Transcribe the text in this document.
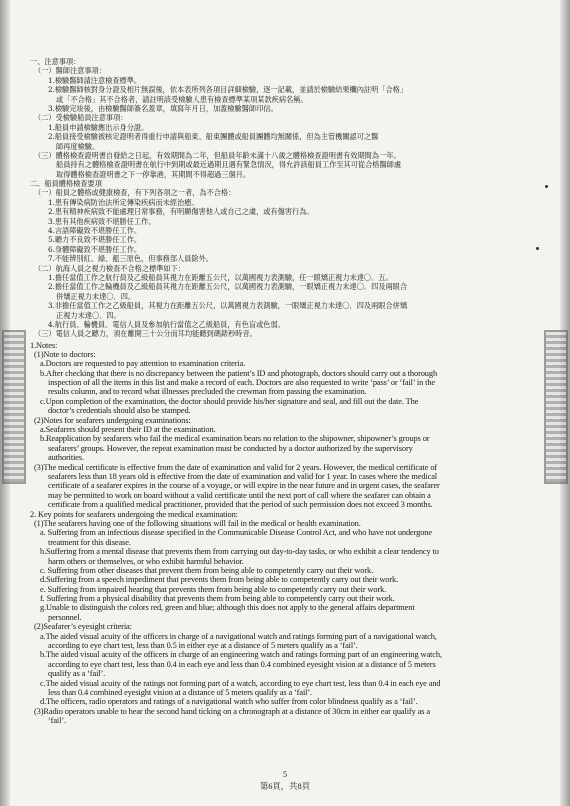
一、注意事項：
（一）醫師注意事項：
1.檢驗醫師請注意檢查標準。
2.檢驗醫師核對身分證及相片無誤後，依本表所列各項目詳細檢驗，逐一記載，並請於檢驗結果欄內註明「合格」
或「不合格」其不合格者，請註明該受檢驗人患有檢查標準某項某款疾病名稱。
3.檢驗完竣後，由檢驗醫師簽名蓋章，填寫年月日，加蓋檢驗醫師印信。
（二）受檢驗船員注意事項：
1.船員申請檢驗應出示身分證。
2.船員接受檢驗被核定證明者得重行申請與船東、船東團體或船員團體均無關係，但為主管機關認可之醫
師再度檢驗。
（三）體格檢查證明書自發給之日起，有效期間為二年，但船員年齡未滿十八歲之體格檢查證明書有效期間為一年。
船員持有之體格檢查證明書在航行中到期或最近過期且遇有緊急情況，得允許該船員工作至其可從合格醫師處
取得體格檢查證明書之下一停靠港，其期間不得超過三個月。
二、船員體格檢查要項
（一）船員之體格或健康檢查，有下列各項之一者，為不合格：
1.患有傳染病防治法所定傳染疾病而未經治癒。
2.患有精神疾病致不能處理日常事務，有明顯傷害他人或自己之虞，或有傷害行為。
3.患有其他疾病致不堪勝任工作。
4.言語障礙致不堪勝任工作。
5.聽力不良致不堪勝任工作。
6.身體障礙致不堪勝任工作。
7.不能辨別紅、綠、藍三原色，但事務部人員除外。
（二）航海人員之視力檢查不合格之標準如下：
1.擔任當值工作之航行員及乙級船員其視力在距離五公尺，以萬國視力表測驗，任一眼矯正視力未達〇．五。
2.擔任當值工作之輪機員及乙級船員其視力在距離五公尺，以萬國視力表測驗，一眼矯正視力未達〇．四及兩眼合
併矯正視力未達〇．四。
3.非擔任當值工作之乙級船員，其視力在距離五公尺，以萬國視力表測驗，一眼矯正視力未達〇．四及兩眼合併矯
正視力未達〇．四。
4.航行員、輪機員、電信人員及參加航行當值之乙級船員，有色盲或色弱。
（三）電信人員之聽力，須在離開三十公分而耳均能聽到碼錶秒時音。
1.Notes:
(1)Note to doctors:
a.Doctors are requested to pay attention to examination criteria.
b.After checking that there is no discrepancy between the patient’s ID and photograph, doctors should carry out a thorough
inspection of all the items in this list and make a record of each. Doctors are also requested to write ‘pass’ or ‘fail’ in the
results column, and to record what illnesses precluded the crewman from passing the examination.
c.Upon completion of the examination, the doctor should provide his/her signature and seal, and fill out the date. The
doctor’s credentials should also be stamped.
(2)Notes for seafarers undergoing examinations:
a.Seafarers should present their ID at the examination.
b.Reapplication by seafarers who fail the medical examination bears no relation to the shipowner, shipowner’s groups or
seafarers’ groups. However, the repeat examination must be conducted by a doctor authorized by the supervisory
authorities.
(3)The medical certificate is effective from the date of examination and valid for 2 years. However, the medical certificate of
seafarers less than 18 years old is effective from the date of examination and valid for 1 year. In cases where the medical
certificate of a seafarer expires in the course of a voyage, or will expire in the near future and in urgent cases, the seafarer
may be permitted to work on board without a valid certificate until the next port of call where the seafarer can obtain a
certificate from a qualified medical practitioner, provided that the period of such permission does not exceed 3 months.
2. Key points for seafarers undergoing the medical examination:
(1)The seafarers having one of the following situations will fail in the medical or health examination.
a. Suffering from an infectious disease specified in the Communicable Disease Control Act, and who have not undergone
treatment for this disease.
b.Suffering from a mental disease that prevents them from carrying out day-to-day tasks, or who exhibit a clear tendency to
harm others or themselves, or who exhibit harmful behavior.
c. Suffering from other diseases that prevent them from being able to competently carry out their work.
d.Suffering from a speech impediment that prevents them from being able to competently carry out their work.
e. Suffering from impaired hearing that prevents them from being able to competently carry out their work.
f. Suffering from a physical disability that prevents them from being able to competently carry out their work.
g.Unable to distinguish the colors red, green and blue; although this does not apply to the general affairs department
personnel.
(2)Seafarer’s eyesight criteria:
a.The aided visual acuity of the officers in charge of a navigational watch and ratings forming part of a navigational watch,
according to eye chart test, less than 0.5 in either eye at a distance of 5 meters qualify as a ‘fail’.
b.The aided visual acuity of the officers in charge of an engineering watch and ratings forming part of an engineering watch,
according to eye chart test, less than 0.4 in each eye and less than 0.4 combined eyesight vision at a distance of 5 meters
qualify as a ‘fail’.
c.The aided visual acuity of the ratings not forming part of a watch, according to eye chart test, less than 0.4 in each eye and
less than 0.4 combined eyesight vision at a distance of 5 meters qualify as a ‘fail’.
d.The officers, radio operators and ratings of a navigational watch who suffer from color blindness qualify as a ‘fail’.
(3)Radio operators unable to hear the second hand ticking on a chronograph at a distance of 30cm in either ear qualify as a
‘fail’.
5
第6頁，共8頁
